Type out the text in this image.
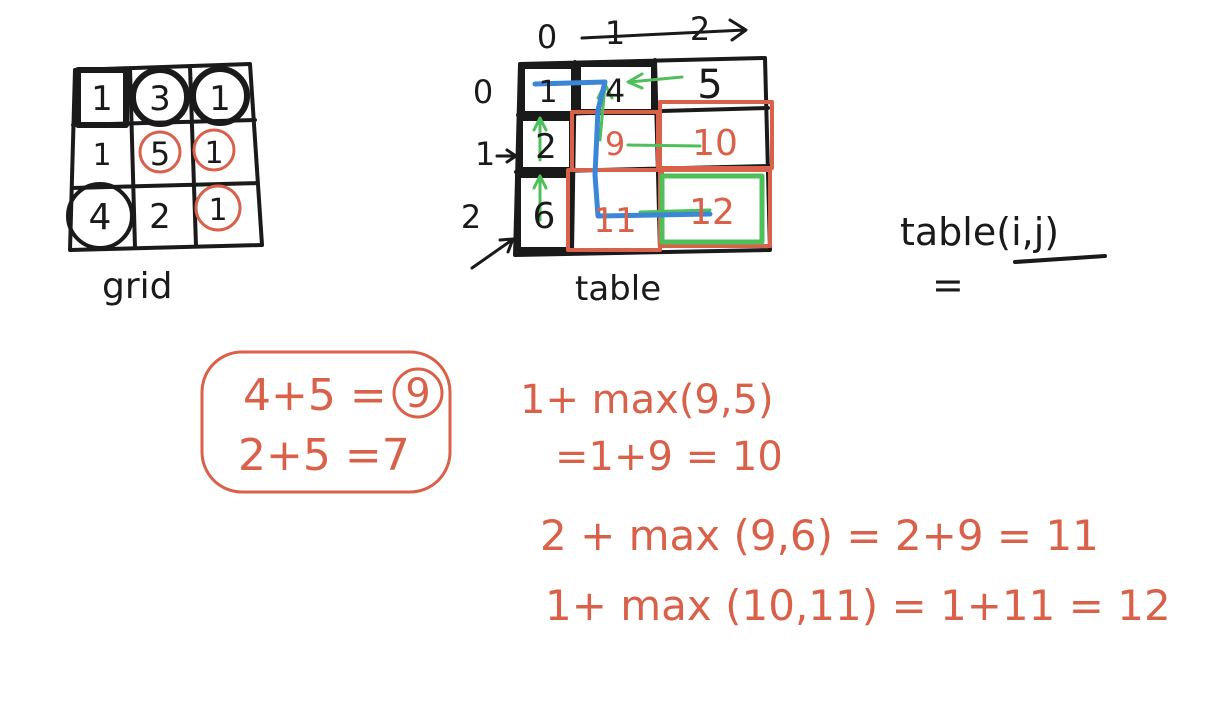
1 3 1
1 5 1
4 2 1
grid
0 1 2
0
1
2
1 4 5
2 9 10
6 11 12
table
table(i,j)
=
4+5 = 9
2+5 =7
1+ max(9,5)
=1+9 = 10
2 + max (9,6) = 2+9 = 11
1+ max (10,11) = 1+11 = 12
